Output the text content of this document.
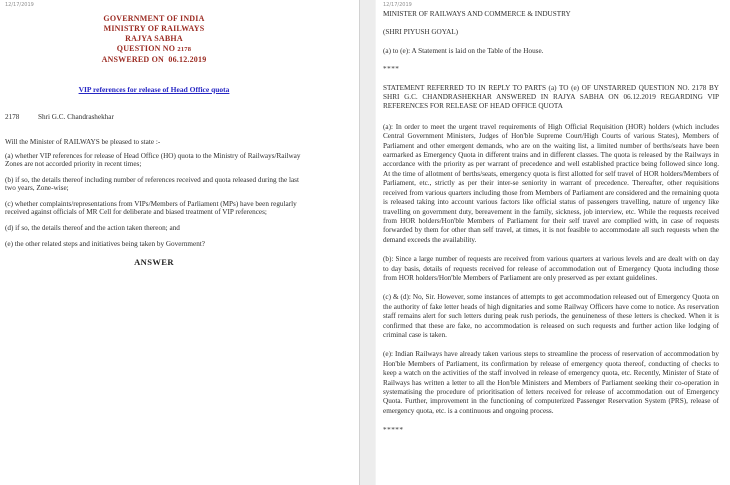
12/17/2019
GOVERNMENT OF INDIA
MINISTRY OF RAILWAYS
RAJYA SABHA
QUESTION NO 2178
ANSWERED ON  06.12.2019
VIP references for release of Head Office quota
2178	Shri G.C. Chandrashekhar

Will the Minister of RAILWAYS be pleased to state :-

(a) whether VIP references for release of Head Office (HO) quota to the Ministry of Railways/Railway Zones are not accorded priority in recent times;

(b) if so, the details thereof including number of references received and quota released during the last two years, Zone-wise;

(c) whether complaints/representations from VIPs/Members of Parliament (MPs) have been regularly received against officials of MR Cell for deliberate and biased treatment of VIP references;

(d) if so, the details thereof and the action taken thereon; and

(e) the other related steps and initiatives being taken by Government?

ANSWER
12/17/2019

MINISTER OF RAILWAYS AND COMMERCE & INDUSTRY

(SHRI PIYUSH GOYAL)

(a) to (e): A Statement is laid on the Table of the House.

****

STATEMENT REFERRED TO IN REPLY TO PARTS (a) TO (e) OF UNSTARRED QUESTION NO. 2178 BY SHRI G.C. CHANDRASHEKHAR ANSWERED IN RAJYA SABHA ON 06.12.2019 REGARDING VIP REFERENCES FOR RELEASE OF HEAD OFFICE QUOTA

(a): In order to meet the urgent travel requirements of High Official Requisition (HOR) holders (which includes Central Government Ministers, Judges of Hon'ble Supreme Court/High Courts of various States), Members of Parliament and other emergent demands, who are on the waiting list, a limited number of berths/seats have been earmarked as Emergency Quota in different trains and in different classes. The quota is released by the Railways in accordance with the priority as per warrant of precedence and well established practice being followed since long. At the time of allotment of berths/seats, emergency quota is first allotted for self travel of HOR holders/Members of Parliament, etc., strictly as per their inter-se seniority in warrant of precedence. Thereafter, other requisitions received from various quarters including those from Members of Parliament are considered and the remaining quota is released taking into account various factors like official status of passengers travelling, nature of urgency like travelling on government duty, bereavement in the family, sickness, job interview, etc. While the requests received from HOR holders/Hon'ble Members of Parliament for their self travel are complied with, in case of requests forwarded by them for other than self travel, at times, it is not feasible to accommodate all such requests when the demand exceeds the availability.

(b): Since a large number of requests are received from various quarters at various levels and are dealt with on day to day basis, details of requests received for release of accommodation out of Emergency Quota including those from HOR holders/Hon'ble Members of Parliament are only preserved as per extant guidelines.

(c) & (d): No, Sir. However, some instances of attempts to get accommodation released out of Emergency Quota on the authority of fake letter heads of high dignitaries and some Railway Officers have come to notice. As reservation staff remains alert for such letters during peak rush periods, the genuineness of these letters is checked. When it is confirmed that these are fake, no accommodation is released on such requests and further action like lodging of criminal case is taken.

(e): Indian Railways have already taken various steps to streamline the process of reservation of accommodation by Hon'ble Members of Parliament, its confirmation by release of emergency quota thereof, conducting of checks to keep a watch on the activities of the staff involved in release of emergency quota, etc. Recently, Minister of State of Railways has written a letter to all the Hon'ble Ministers and Members of Parliament seeking their co-operation in systematising the procedure of prioritisation of letters received for release of accommodation out of Emergency Quota. Further, improvement in the functioning of computerized Passenger Reservation System (PRS), release of emergency quota, etc. is a continuous and ongoing process.

*****
